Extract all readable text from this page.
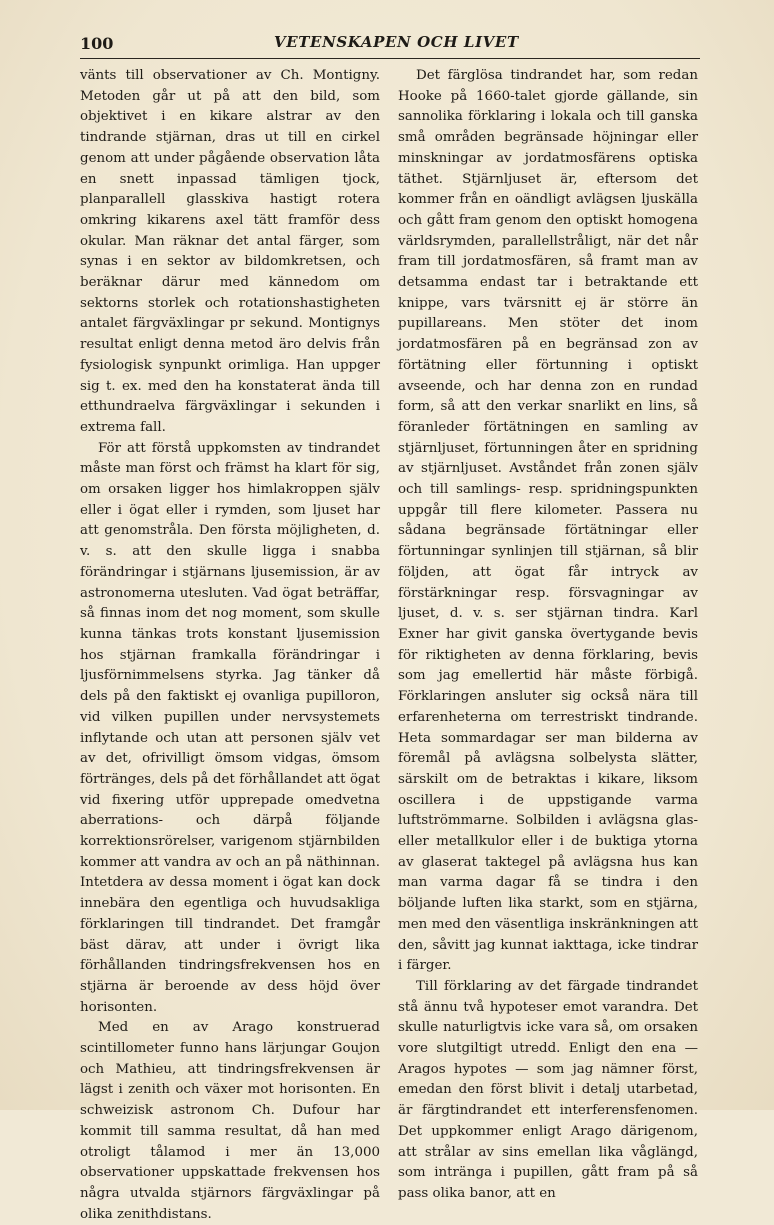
100	VETENSKAPEN OCH LIVET

vänts till observationer av Ch. Montigny. Metoden går ut på att den bild, som objektivet i en kikare alstrar av den tindrande stjärnan, dras ut till en cirkel genom att under pågående observation låta en snett inpassad tämligen tjock, planparallell glasskiva hastigt rotera omkring kikarens axel tätt framför dess okular. Man räknar det antal färger, som synas i en sektor av bildomkretsen, och beräknar därur med kännedom om sektorns storlek och rotationshastigheten antalet färgväxlingar pr sekund. Montignys resultat enligt denna metod äro delvis från fysiologisk synpunkt orimliga. Han uppger sig t. ex. med den ha konstaterat ända till etthundraelva färgväxlingar i sekunden i extrema fall.

För att förstå uppkomsten av tindrandet måste man först och främst ha klart för sig, om orsaken ligger hos himlakroppen själv eller i ögat eller i rymden, som ljuset har att genomstråla. Den första möjligheten, d. v. s. att den skulle ligga i snabba förändringar i stjärnans ljusemission, är av astronomerna utesluten. Vad ögat beträffar, så finnas inom det nog moment, som skulle kunna tänkas trots konstant ljusemission hos stjärnan framkalla förändringar i ljusförnimmelsens styrka. Jag tänker då dels på den faktiskt ej ovanliga pupilloron, vid vilken pupillen under nervsystemets inflytande och utan att personen själv vet av det, ofrivilligt ömsom vidgas, ömsom förtränges, dels på det förhållandet att ögat vid fixering utför upprepade omedvetna aberrations- och därpå följande korrektionsrörelser, varigenom stjärnbilden kommer att vandra av och an på näthinnan. Intetdera av dessa moment i ögat kan dock innebära den egentliga och huvudsakliga förklaringen till tindrandet. Det framgår bäst därav, att under i övrigt lika förhållanden tindringsfrekvensen hos en stjärna är beroende av dess höjd över horisonten.

Med en av Arago konstruerad scintillometer funno hans lärjungar Goujon och Mathieu, att tindringsfrekvensen är lägst i zenith och växer mot horisonten. En schweizisk astronom Ch. Dufour har kommit till samma resultat, då han med otroligt tålamod i mer än 13,000 observationer uppskattade frekvensen hos några utvalda stjärnors färgväxlingar på olika zenithdistans.

Det färglösa tindrandet har, som redan Hooke på 1660-talet gjorde gällande, sin sannolika förklaring i lokala och till ganska små områden begränsade höjningar eller minskningar av jordatmosfärens optiska täthet. Stjärnljuset är, eftersom det kommer från en oändligt avlägsen ljuskälla och gått fram genom den optiskt homogena världsrymden, parallellstråligt, när det når fram till jordatmosfären, så framt man av detsamma endast tar i betraktande ett knippe, vars tvärsnitt ej är större än pupillareans. Men stöter det inom jordatmosfären på en begränsad zon av förtätning eller förtunning i optiskt avseende, och har denna zon en rundad form, så att den verkar snarlikt en lins, så föranleder förtätningen en samling av stjärnljuset, förtunningen åter en spridning av stjärnljuset. Avståndet från zonen själv och till samlings- resp. spridningspunkten uppgår till flere kilometer. Passera nu sådana begränsade förtätningar eller förtunningar synlinjen till stjärnan, så blir följden, att ögat får intryck av förstärkningar resp. försvagningar av ljuset, d. v. s. ser stjärnan tindra. Karl Exner har givit ganska övertygande bevis för riktigheten av denna förklaring, bevis som jag emellertid här måste förbigå. Förklaringen ansluter sig också nära till erfarenheterna om terrestriskt tindrande. Heta sommardagar ser man bilderna av föremål på avlägsna solbelysta slätter, särskilt om de betraktas i kikare, liksom oscillera i de uppstigande varma luftströmmarne. Solbilden i avlägsna glas- eller metallkulor eller i de buktiga ytorna av glaserat taktegel på avlägsna hus kan man varma dagar få se tindra i den böljande luften lika starkt, som en stjärna, men med den väsentliga inskränkningen att den, såvitt jag kunnat iakttaga, icke tindrar i färger.

Till förklaring av det färgade tindrandet stå ännu två hypoteser emot varandra. Det skulle naturligtvis icke vara så, om orsaken vore slutgiltigt utredd. Enligt den ena — Aragos hypotes — som jag nämner först, emedan den först blivit i detalj utarbetad, är färgtindrandet ett interferensfenomen. Det uppkommer enligt Arago därigenom, att strålar av sins emellan lika våglängd, som intränga i pupillen, gått fram på så pass olika banor, att en
